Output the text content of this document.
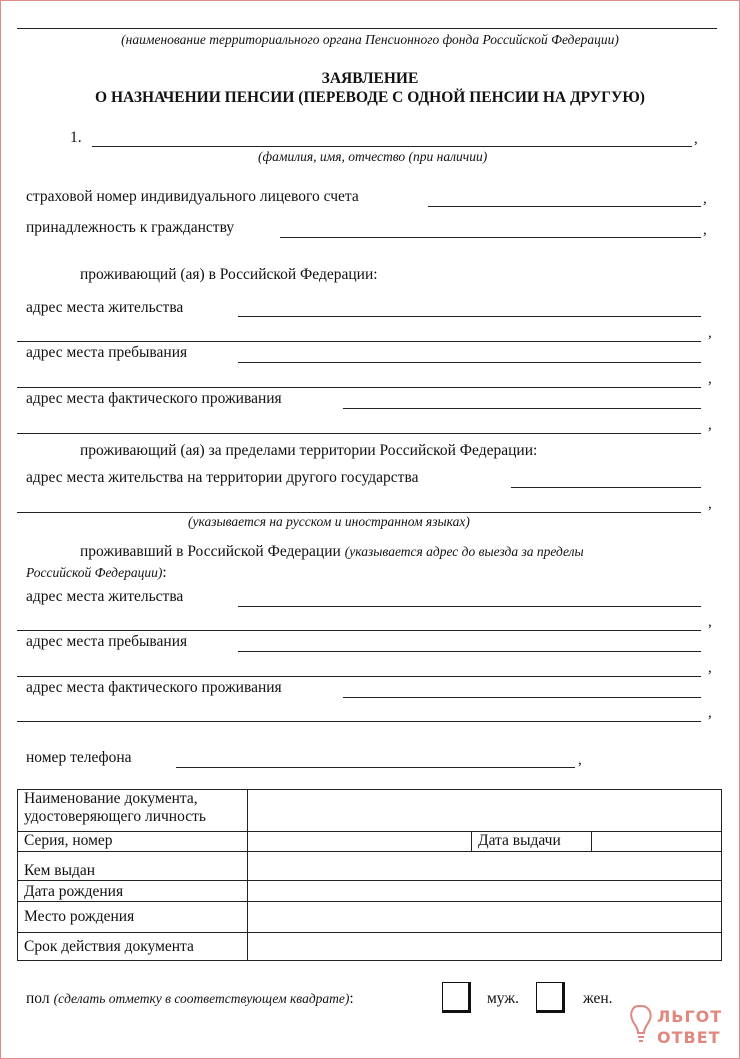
(наименование территориального органа Пенсионного фонда Российской Федерации)
ЗАЯВЛЕНИЕ
О НАЗНАЧЕНИИ ПЕНСИИ (ПЕРЕВОДЕ С ОДНОЙ ПЕНСИИ НА ДРУГУЮ)
1.	,
(фамилия, имя, отчество (при наличии)
страховой номер индивидуального лицевого счета	,
принадлежность к гражданству	,
проживающий (ая) в Российской Федерации:
адрес места жительства
,
адрес места пребывания
,
адрес места фактического проживания
,
проживающий (ая) за пределами территории Российской Федерации:
адрес места жительства на территории другого государства
,
(указывается на русском и иностранном языках)
проживавший в Российской Федерации (указывается адрес до выезда за пределы
Российской Федерации):
адрес места жительства
,
адрес места пребывания
,
адрес места фактического проживания
,
номер телефона	,
Наименование документа,
удостоверяющего личность			

Серия, номер		Дата выдачи	
Кем выдан			
Дата рождения			
Место рождения			
Срок действия документа			
пол (сделать отметку в соответствующем квадрате):	муж.	жен.
ЛЬГОТ
ОТВЕТ
